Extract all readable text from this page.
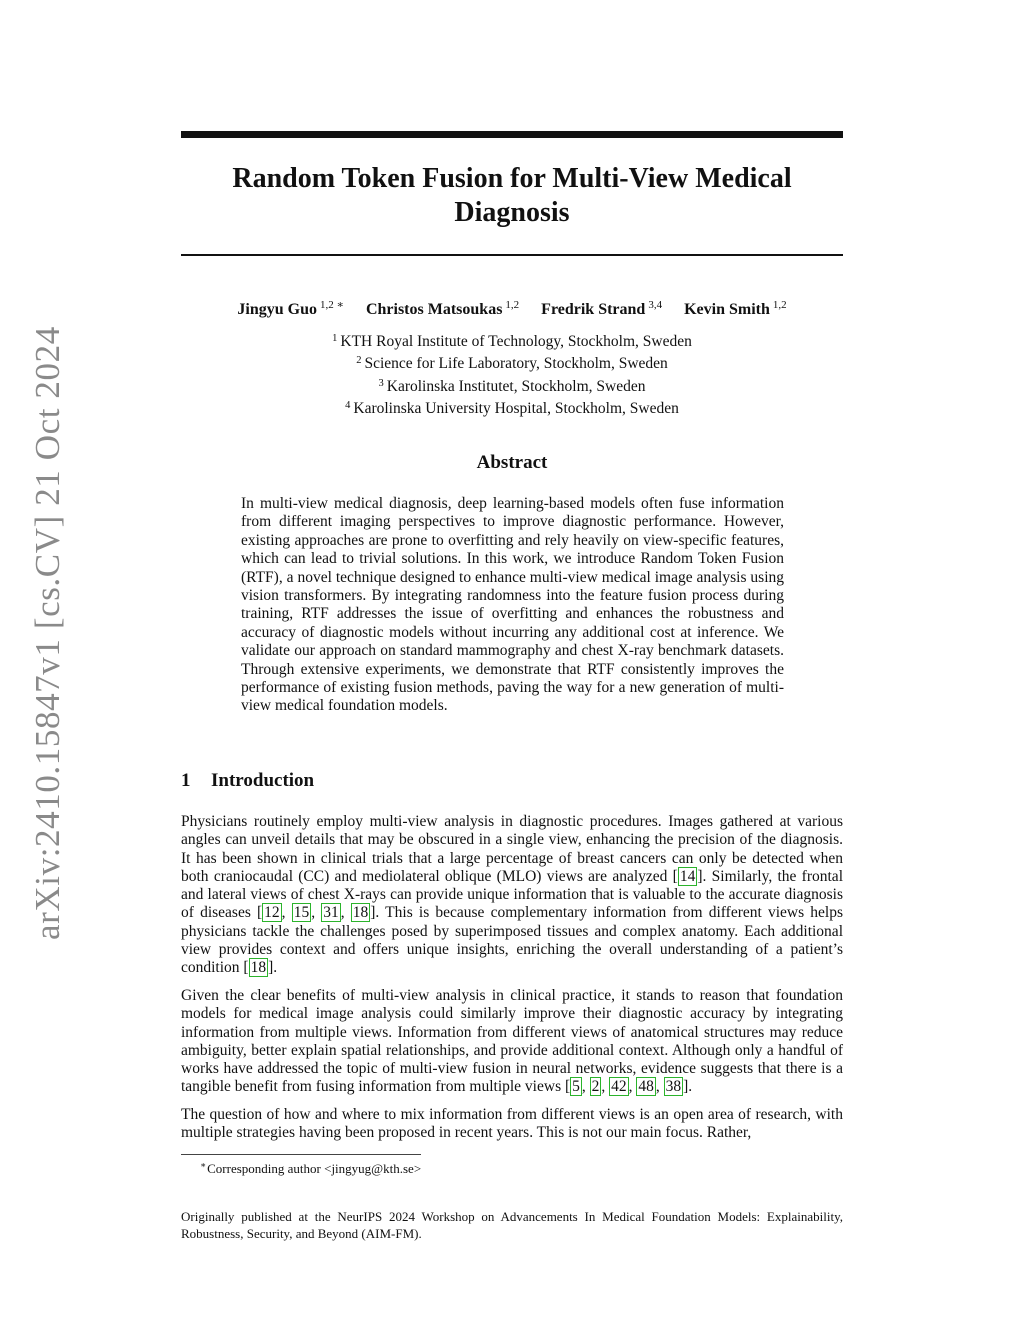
arXiv:2410.15847v1 [cs.CV] 21 Oct 2024
Random Token Fusion for Multi-View Medical Diagnosis
Jingyu Guo $^{1,2 ∗}$ Christos Matsoukas $^{1,2}$ Fredrik Strand $^{3,4}$ Kevin Smith $^{1,2}$
$^1$ KTH Royal Institute of Technology, Stockholm, Sweden
$^2$ Science for Life Laboratory, Stockholm, Sweden
$^3$ Karolinska Institutet, Stockholm, Sweden
$^4$ Karolinska University Hospital, Stockholm, Sweden
Abstract

In multi-view medical diagnosis, deep learning-based models often fuse information from different imaging perspectives to improve diagnostic performance. However, existing approaches are prone to overfitting and rely heavily on view-specific features, which can lead to trivial solutions. In this work, we introduce Random Token Fusion (RTF), a novel technique designed to enhance multi-view medical image analysis using vision transformers. By integrating randomness into the feature fusion process during training, RTF addresses the issue of overfitting and enhances the robustness and accuracy of diagnostic models without incurring any additional cost at inference. We validate our approach on standard mammography and chest X-ray benchmark datasets. Through extensive experiments, we demonstrate that RTF consistently improves the performance of existing fusion methods, paving the way for a new generation of multi-view medical foundation models.

1 Introduction

Physicians routinely employ multi-view analysis in diagnostic procedures. Images gathered at various angles can unveil details that may be obscured in a single view, enhancing the precision of the diagnosis. It has been shown in clinical trials that a large percentage of breast cancers can only be detected when both craniocaudal (CC) and mediolateral oblique (MLO) views are analyzed [ 14 ]. Similarly, the frontal and lateral views of chest X-rays can provide unique information that is valuable to the accurate diagnosis of diseases [ 12 , 15 , 31 , 18 ]. This is because complementary information from different views helps physicians tackle the challenges posed by superimposed tissues and complex anatomy. Each additional view provides context and offers unique insights, enriching the overall understanding of a patient’s condition [ 18 ].

Given the clear benefits of multi-view analysis in clinical practice, it stands to reason that foundation models for medical image analysis could similarly improve their diagnostic accuracy by integrating information from multiple views. Information from different views of anatomical structures may reduce ambiguity, better explain spatial relationships, and provide additional context. Although only a handful of works have addressed the topic of multi-view fusion in neural networks, evidence suggests that there is a tangible benefit from fusing information from multiple views [ 5 , 2 , 42 , 48 , 38 ].

The question of how and where to mix information from different views is an open area of research, with multiple strategies having been proposed in recent years. This is not our main focus. Rather,

∗Corresponding author <jingyug@kth.se>

Originally published at the NeurIPS 2024 Workshop on Advancements In Medical Foundation Models: Explainability, Robustness, Security, and Beyond (AIM-FM).
